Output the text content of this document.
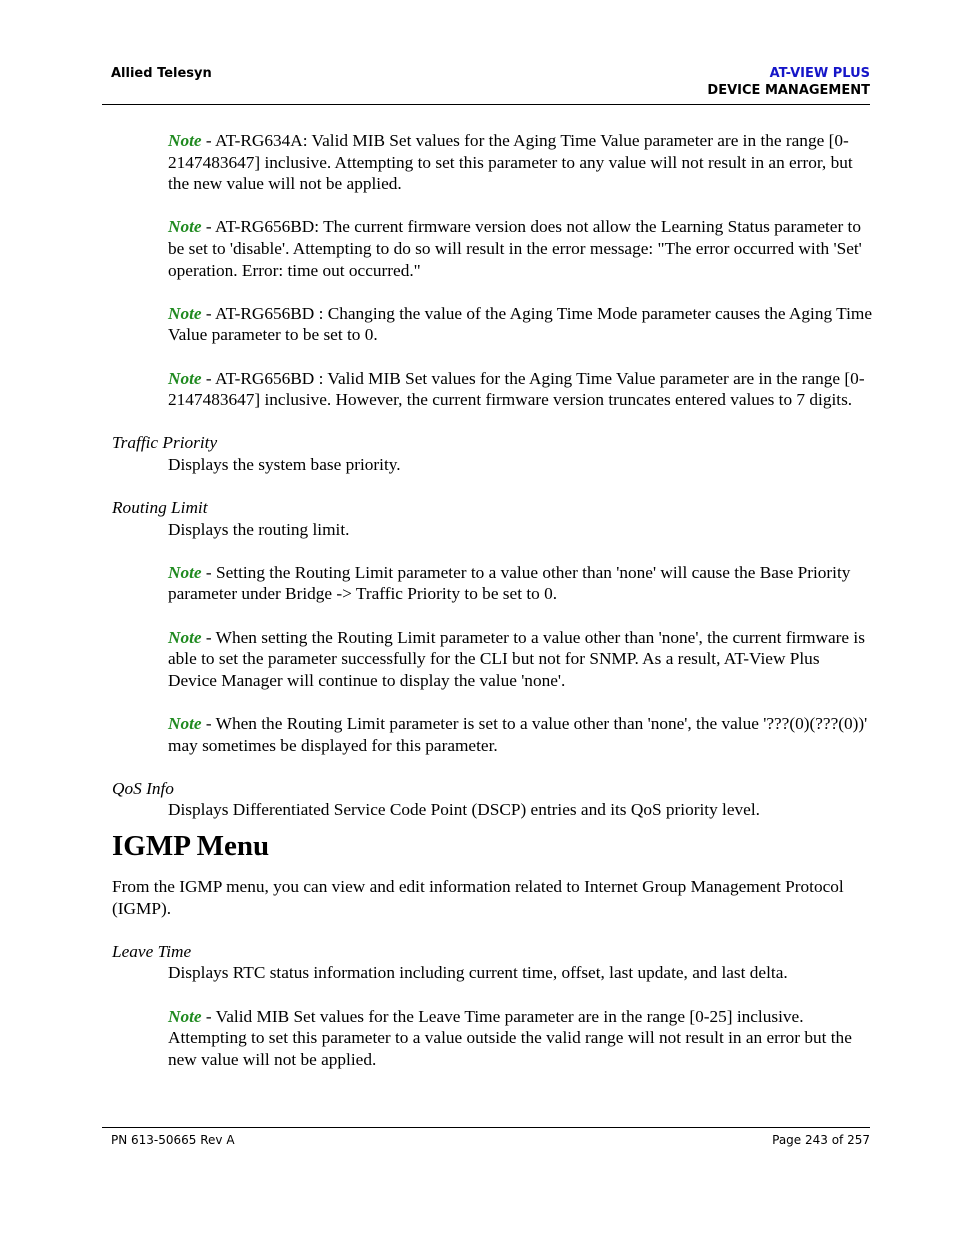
Allied Telesyn	AT-VIEW PLUS
DEVICE MANAGEMENT

Note - AT-RG634A: Valid MIB Set values for the Aging Time Value parameter are in the range [0-2147483647] inclusive. Attempting to set this parameter to any value will not result in an error, but the new value will not be applied.

Note - AT-RG656BD: The current firmware version does not allow the Learning Status parameter to be set to 'disable'. Attempting to do so will result in the error message: "The error occurred with 'Set' operation. Error: time out occurred."

Note - AT-RG656BD : Changing the value of the Aging Time Mode parameter causes the Aging Time Value parameter to be set to 0.

Note - AT-RG656BD : Valid MIB Set values for the Aging Time Value parameter are in the range [0-2147483647] inclusive. However, the current firmware version truncates entered values to 7 digits.

Traffic Priority

Displays the system base priority.

Routing Limit

Displays the routing limit.

Note - Setting the Routing Limit parameter to a value other than 'none' will cause the Base Priority parameter under Bridge -> Traffic Priority to be set to 0.

Note - When setting the Routing Limit parameter to a value other than 'none', the current firmware is able to set the parameter successfully for the CLI but not for SNMP. As a result, AT-View Plus Device Manager will continue to display the value 'none'.

Note - When the Routing Limit parameter is set to a value other than 'none', the value '???(0)(???(0))' may sometimes be displayed for this parameter.

QoS Info

Displays Differentiated Service Code Point (DSCP) entries and its QoS priority level.

IGMP Menu

From the IGMP menu, you can view and edit information related to Internet Group Management Protocol (IGMP).

Leave Time

Displays RTC status information including current time, offset, last update, and last delta.

Note - Valid MIB Set values for the Leave Time parameter are in the range [0-25] inclusive. Attempting to set this parameter to a value outside the valid range will not result in an error but the new value will not be applied.

PN 613-50665 Rev A	Page 243 of 257
